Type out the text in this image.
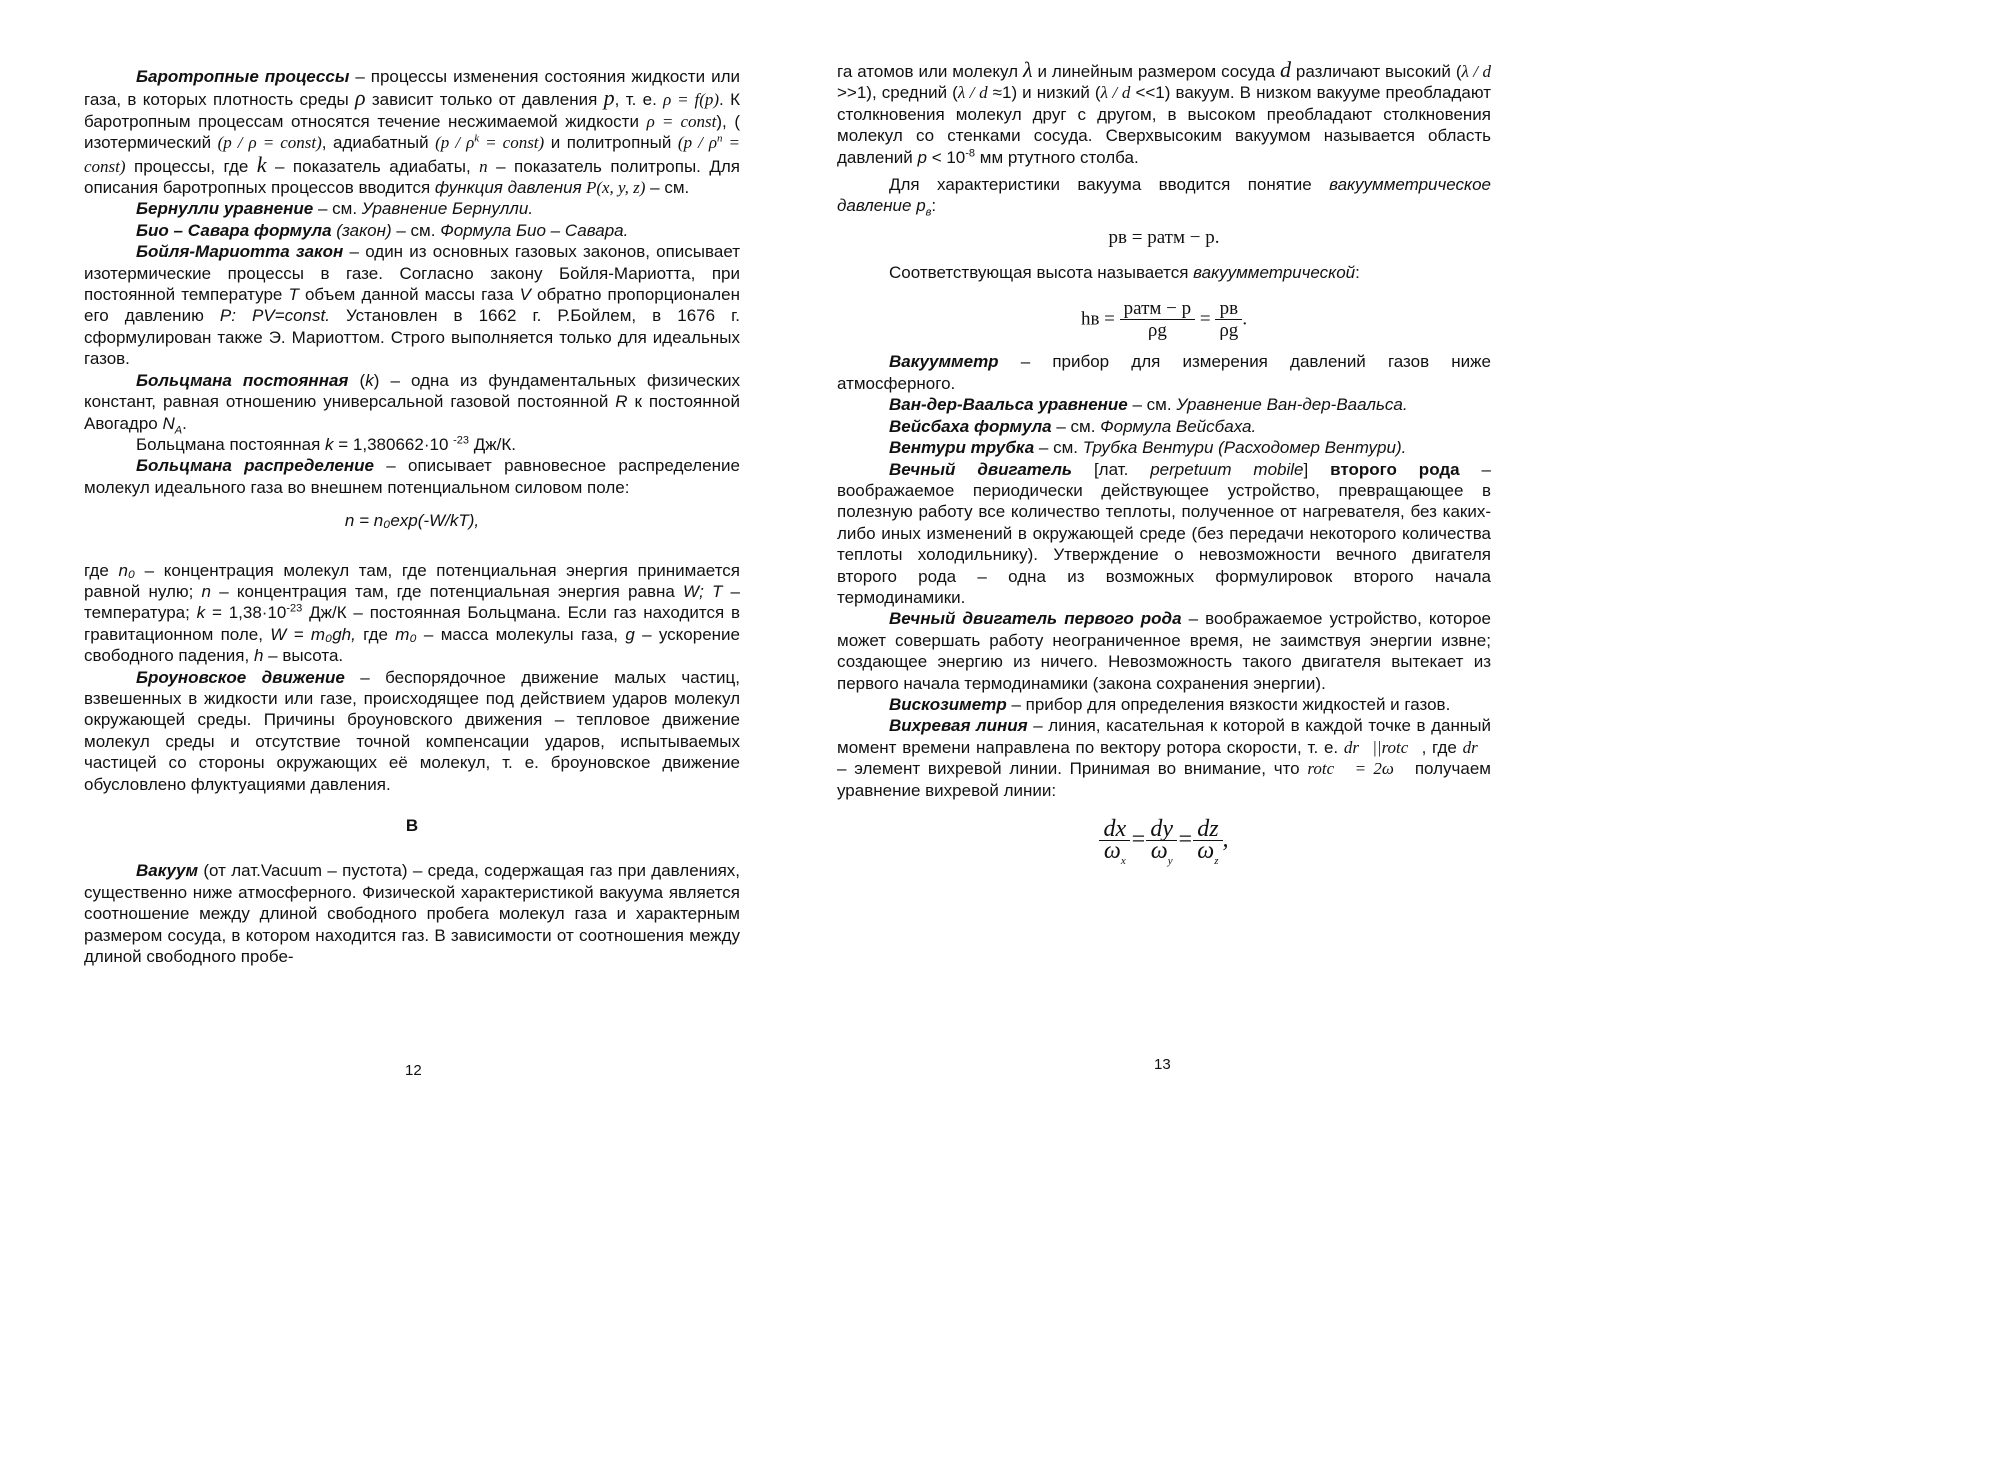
Баротропные процессы – процессы изменения состояния жидкости или газа, в которых плотность среды ρ зависит только от давления p, т. е. ρ = f(p). К баротропным процессам относятся течение несжимаемой жидкости ρ = const), ( изотермический (p / ρ = const), адиабатный ($p / \rho^k$ = const) и политропный ($p / \rho^n$ = const) процессы, где k – показатель адиабаты, n – показатель политропы. Для описания баротропных процессов вводится функция давления P(x, y, z) – см.

Бернулли уравнение – см. Уравнение Бернулли.

Био – Савара формула (закон) – см. Формула Био – Савара.

Бойля-Мариотта закон – один из основных газовых законов, описывает изотермические процессы в газе. Согласно закону Бойля-Мариотта, при постоянной температуре T объем данной массы газа V обратно пропорционален его давлению P: PV=const. Установлен в 1662 г. Р.Бойлем, в 1676 г. сформулирован также Э. Мариоттом. Строго выполняется только для идеальных газов.

Больцмана постоянная (k) – одна из фундаментальных физических констант, равная отношению универсальной газовой постоянной R к постоянной Авогадро $N_A$.

Больцмана постоянная k = 1,380662·10 $^{-23}$ Дж/К.

Больцмана распределение – описывает равновесное распределение молекул идеального газа во внешнем потенциальном силовом поле:

n = n₀exp(-W/kT),

где n₀ – концентрация молекул там, где потенциальная энергия принимается равной нулю; n – концентрация там, где потенциальная энергия равна W; T – температура; $k = 1,38\cdot 10^{-23}$ Дж/К – постоянная Больцмана. Если газ находится в гравитационном поле, W = m₀gh, где m₀ – масса молекулы газа, g – ускорение свободного падения, h – высота.

Броуновское движение – беспорядочное движение малых частиц, взвешенных в жидкости или газе, происходящее под действием ударов молекул окружающей среды. Причины броуновского движения – тепловое движение молекул среды и отсутствие точной компенсации ударов, испытываемых частицей со стороны окружающих её молекул, т. е. броуновское движение обусловлено флуктуациями давления.

В

Вакуум (от лат.Vacuum – пустота) – среда, содержащая газ при давлениях, существенно ниже атмосферного. Физической характеристикой вакуума является соотношение между длиной свободного пробега молекул газа и характерным размером сосуда, в котором находится газ. В зависимости от соотношения между длиной свободного пробе-

12

га атомов или молекул λ и линейным размером сосуда d различают высокий (λ / d >>1), средний (λ / d ≈1) и низкий (λ / d <<1) вакуум. В низком вакууме преобладают столкновения молекул друг с другом, в высоком преобладают столкновения молекул со стенками сосуда. Сверхвысоким вакуумом называется область давлений $p < 10^{-8}$ мм ртутного столба.

Для характеристики вакуума вводится понятие вакуумметрическое давление $p_в$:

pв = pатм − p.

Соответствующая высота называется вакуумметрической:

hв = $\frac{\text{pатм − p}}{\rho g} = \frac{pв}{\rho g}$ .

Вакуумметр – прибор для измерения давлений газов ниже атмосферного.

Ван-дер-Ваальса уравнение – см. Уравнение Ван-дер-Ваальса.

Вейсбаха формула – см. Формула Вейсбаха.

Вентури трубка – см. Трубка Вентури (Расходомер Вентури).

Вечный двигатель [лат. perpetuum mobile] второго рода – воображаемое периодически действующее устройство, превращающее в полезную работу все количество теплоты, полученное от нагревателя, без каких-либо иных изменений в окружающей среде (без передачи некоторого количества теплоты холодильнику). Утверждение о невозможности вечного двигателя второго рода – одна из возможных формулировок второго начала термодинамики.

Вечный двигатель первого рода – воображаемое устройство, которое может совершать работу неограниченное время, не заимствуя энергии извне; создающее энергию из ничего. Невозможность такого двигателя вытекает из первого начала термодинамики (закона сохранения энергии).

Вискозиметр – прибор для определения вязкости жидкостей и газов.

Вихревая линия – линия, касательная к которой в каждой точке в данный момент времени направлена по вектору ротора скорости, т. е. dr⃗||rotc⃗, где dr⃗ – элемент вихревой линии. Принимая во внимание, что rotc⃗ = 2ω⃗ получаем уравнение вихревой линии:

$\frac{dx}{\omega_x} = \frac{dy}{\omega_y} = \frac{dz}{\omega_z}$ ,
13
